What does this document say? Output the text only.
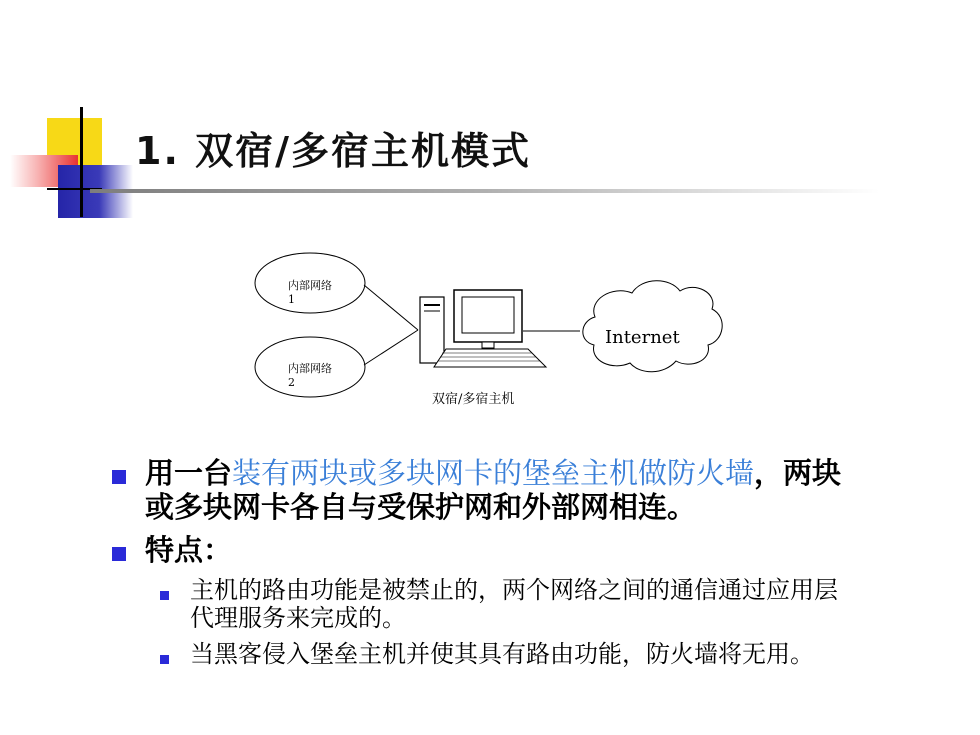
1. 双宿/多宿主机模式
内部网络
1
内部网络
2
双宿/多宿主机
Internet
用一台装有两块或多块网卡的堡垒主机做防火墙，两块
或多块网卡各自与受保护网和外部网相连。
特点：
主机的路由功能是被禁止的，两个网络之间的通信通过应用层
代理服务来完成的。
当黑客侵入堡垒主机并使其具有路由功能，防火墙将无用。
